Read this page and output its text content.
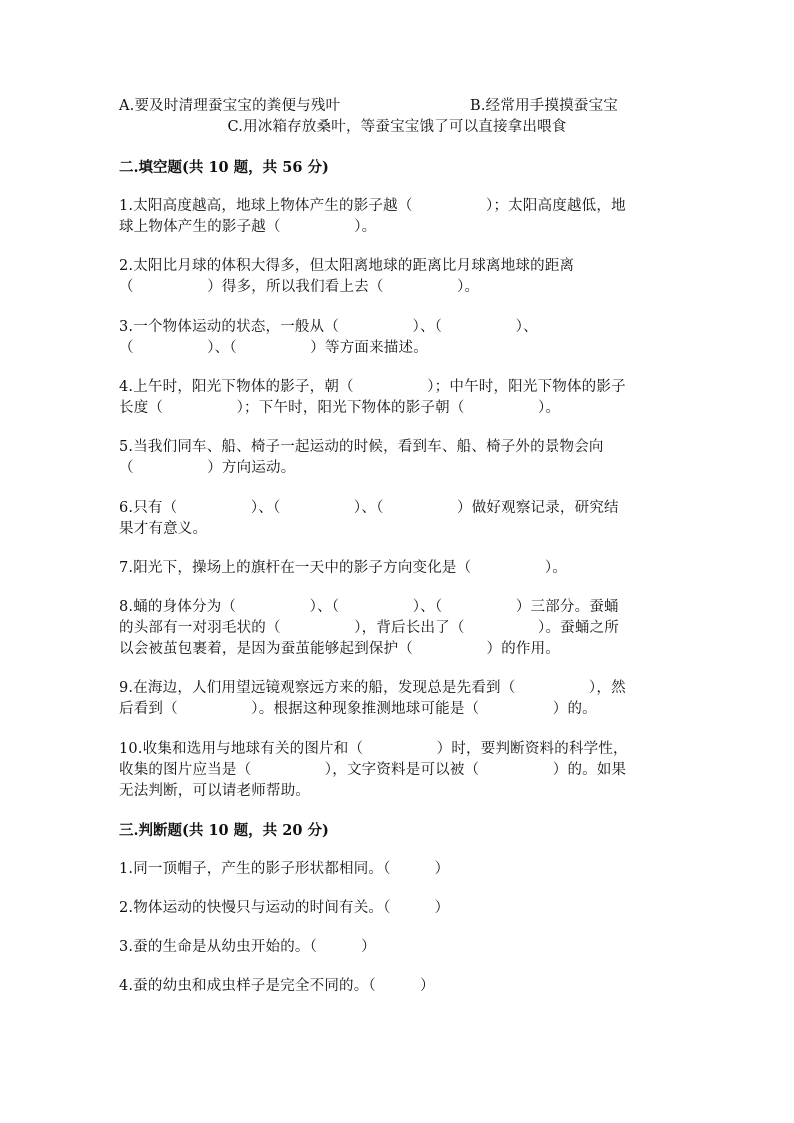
A.要及时清理蚕宝宝的粪便与残叶	B.经常用手摸摸蚕宝宝
C.用冰箱存放桑叶，等蚕宝宝饿了可以直接拿出喂食
二.填空题(共 10 题，共 56 分)
1.太阳高度越高，地球上物体产生的影子越（　　　　　）；太阳高度越低，地
球上物体产生的影子越（　　　　　）。
2.太阳比月球的体积大得多，但太阳离地球的距离比月球离地球的距离
（　　　　　）得多，所以我们看上去（　　　　　）。
3.一个物体运动的状态，一般从（　　　　　）、（　　　　　）、
（　　　　　）、（　　　　　）等方面来描述。
4.上午时，阳光下物体的影子，朝（　　　　　）；中午时，阳光下物体的影子
长度（　　　　　）；下午时，阳光下物体的影子朝（　　　　　）。
5.当我们同车、船、椅子一起运动的时候，看到车、船、椅子外的景物会向
（　　　　　）方向运动。
6.只有（　　　　　）、（　　　　　）、（　　　　　）做好观察记录，研究结
果才有意义。
7.阳光下，操场上的旗杆在一天中的影子方向变化是（　　　　　）。
8.蛹的身体分为（　　　　　）、（　　　　　）、（　　　　　）三部分。蚕蛹
的头部有一对羽毛状的（　　　　　），背后长出了（　　　　　）。蚕蛹之所
以会被茧包裹着，是因为蚕茧能够起到保护（　　　　　）的作用。
9.在海边，人们用望远镜观察远方来的船，发现总是先看到（　　　　　），然
后看到（　　　　　）。根据这种现象推测地球可能是（　　　　　）的。
10.收集和选用与地球有关的图片和（　　　　　）时，要判断资料的科学性，
收集的图片应当是（　　　　　），文字资料是可以被（　　　　　）的。如果
无法判断，可以请老师帮助。
三.判断题(共 10 题，共 20 分)
1.同一顶帽子，产生的影子形状都相同。（　　　）
2.物体运动的快慢只与运动的时间有关。（　　　）
3.蚕的生命是从幼虫开始的。（　　　）
4.蚕的幼虫和成虫样子是完全不同的。（　　　）
